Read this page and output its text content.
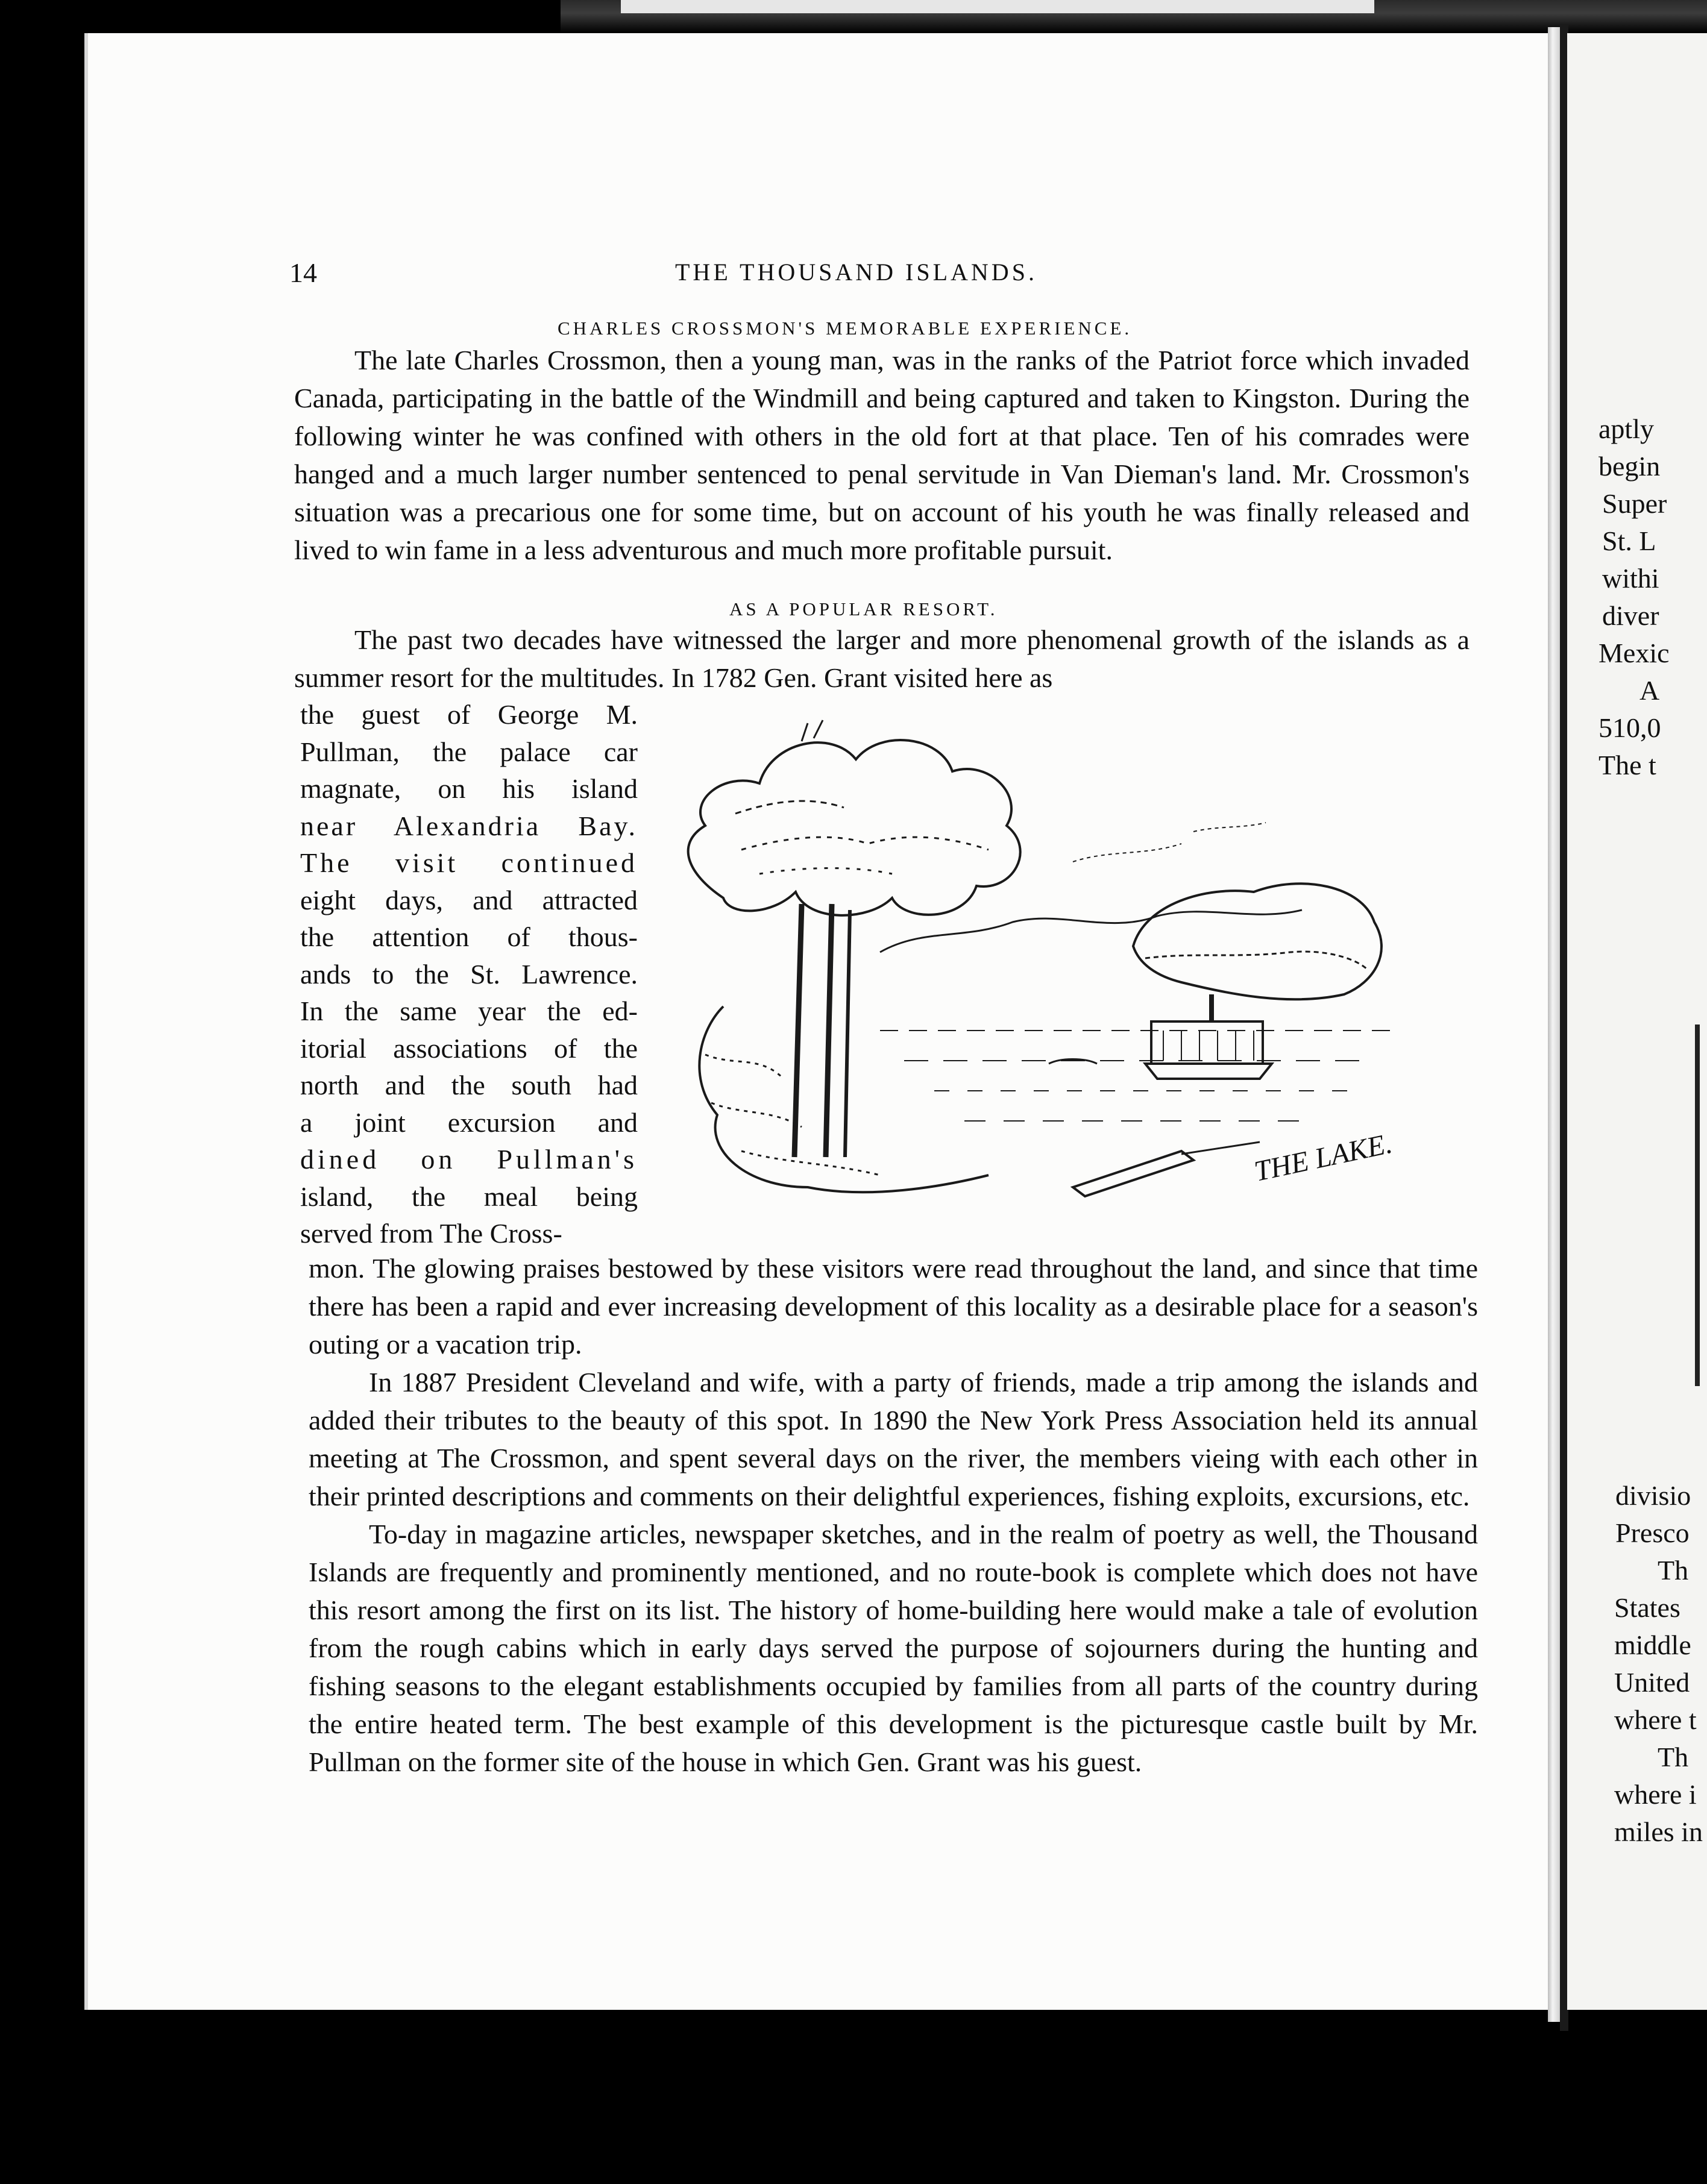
aptly
begin
Super
St. L
withi
diver
Mexic
A
510,0
The t
divisio
Presco
Th
States
middle
United
where t
Th
where i
miles in
14	THE THOUSAND ISLANDS.
CHARLES CROSSMON'S MEMORABLE EXPERIENCE.

The late Charles Crossmon, then a young man, was in the ranks of the Patriot force which invaded Canada, participating in the battle of the Windmill and being captured and taken to Kingston. During the following winter he was confined with others in the old fort at that place. Ten of his comrades were hanged and a much larger number sentenced to penal servitude in Van Dieman's land. Mr. Crossmon's situation was a precarious one for some time, but on account of his youth he was finally released and lived to win fame in a less adventurous and much more profitable pursuit.

AS A POPULAR RESORT.

The past two decades have witnessed the larger and more phenomenal growth of the islands as a summer resort for the multitudes. In 1782 Gen. Grant visited here as

the guest of George M.
Pullman, the palace car
magnate, on his island
near Alexandria Bay.
The visit continued
eight days, and attracted
the attention of thous-
ands to the St. Lawrence.
In the same year the ed-
itorial associations of the
north and the south had
a joint excursion and
dined on Pullman's
island, the meal being
served from The Cross-
THE LAKE.

mon. The glowing praises bestowed by these visitors were read throughout the land, and since that time there has been a rapid and ever increasing development of this locality as a desirable place for a season's outing or a vacation trip.

In 1887 President Cleveland and wife, with a party of friends, made a trip among the islands and added their tributes to the beauty of this spot. In 1890 the New York Press Association held its annual meeting at The Crossmon, and spent several days on the river, the members vieing with each other in their printed descriptions and comments on their delightful experiences, fishing exploits, excursions, etc.

To-day in magazine articles, newspaper sketches, and in the realm of poetry as well, the Thousand Islands are frequently and prominently mentioned, and no route-book is complete which does not have this resort among the first on its list. The history of home-building here would make a tale of evolution from the rough cabins which in early days served the purpose of sojourners during the hunting and fishing seasons to the elegant establishments occupied by families from all parts of the country during the entire heated term. The best example of this development is the picturesque castle built by Mr. Pullman on the former site of the house in which Gen. Grant was his guest.
